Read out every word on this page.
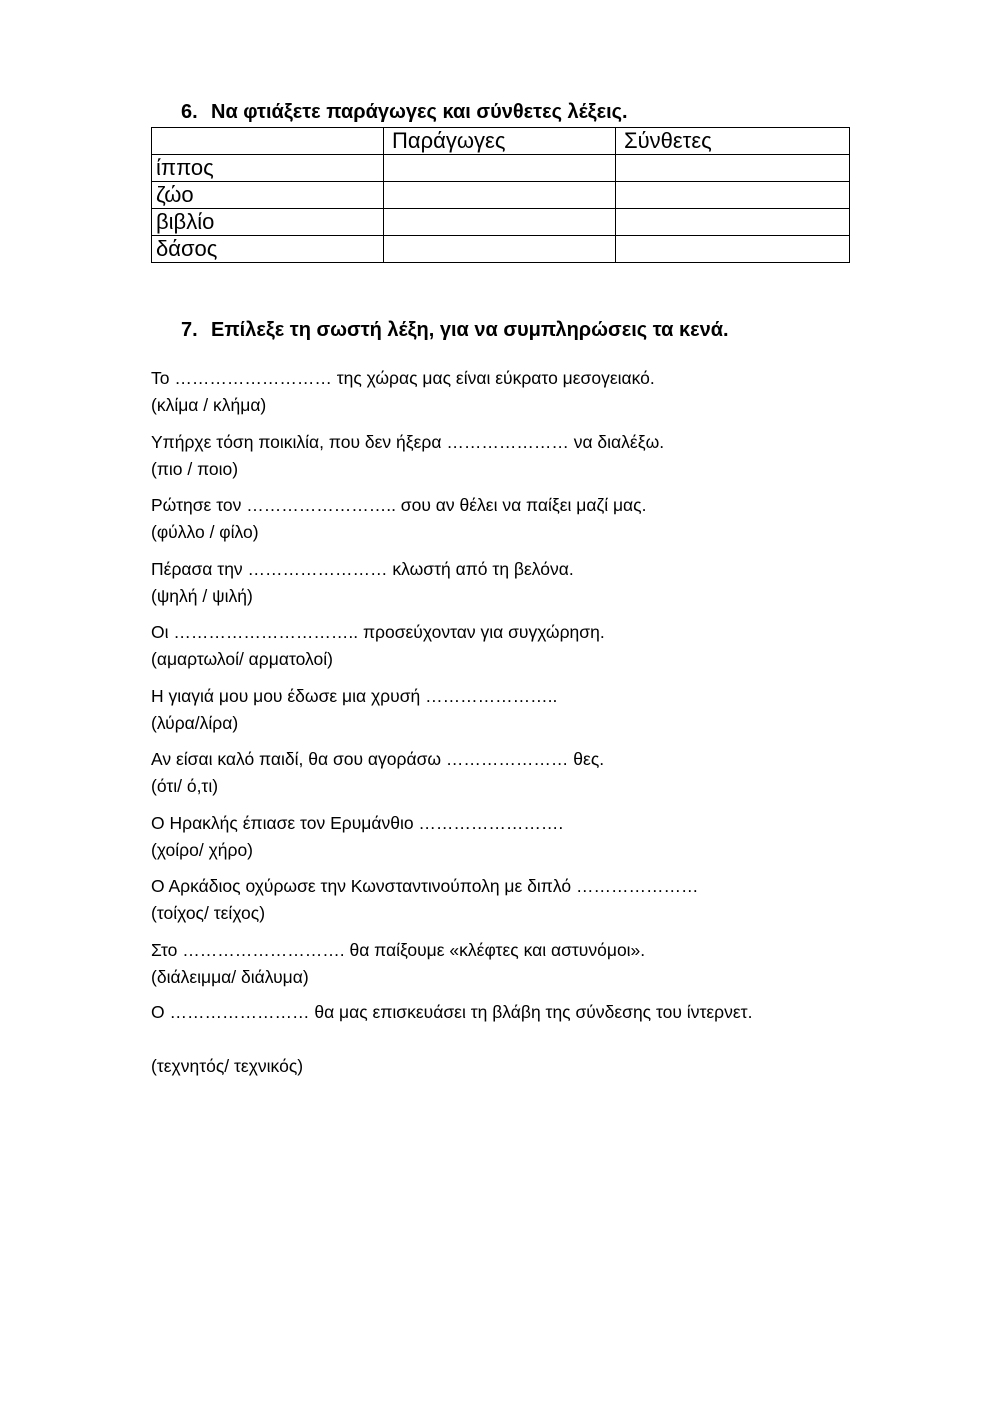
6. Να φτιάξετε παράγωγες και σύνθετες λέξεις.
	Παράγωγες	Σύνθετες
ίππος		
ζώο		
βιβλίο		
δάσος		
7. Επίλεξε τη σωστή λέξη, για να συμπληρώσεις τα κενά.
Το ……………………… της χώρας μας είναι εύκρατο μεσογειακό.
(κλίμα / κλήμα)
Υπήρχε τόση ποικιλία, που δεν ήξερα ………………… να διαλέξω.
(πιο / ποιο)
Ρώτησε τον …………………….. σου αν θέλει να παίξει μαζί μας.
(φύλλο / φίλο)
Πέρασα την …………………… κλωστή από τη βελόνα.
(ψηλή / ψιλή)
Οι ………………………….. προσεύχονταν για συγχώρηση.
(αμαρτωλοί/ αρματολοί)
Η γιαγιά μου μου έδωσε μια χρυσή …………………..
(λύρα/λίρα)
Αν είσαι καλό παιδί, θα σου αγοράσω ………………… θες.
(ότι/ ό,τι)
Ο Ηρακλής έπιασε τον Ερυμάνθιο …………………….
(χοίρο/ χήρο)
Ο Αρκάδιος οχύρωσε την Κωνσταντινούπολη με διπλό …………………
(τοίχος/ τείχος)
Στο ………………………. θα παίξουμε «κλέφτες και αστυνόμοι».
(διάλειμμα/ διάλυμα)
Ο …………………… θα μας επισκευάσει τη βλάβη της σύνδεσης του ίντερνετ.
(τεχνητός/ τεχνικός)
